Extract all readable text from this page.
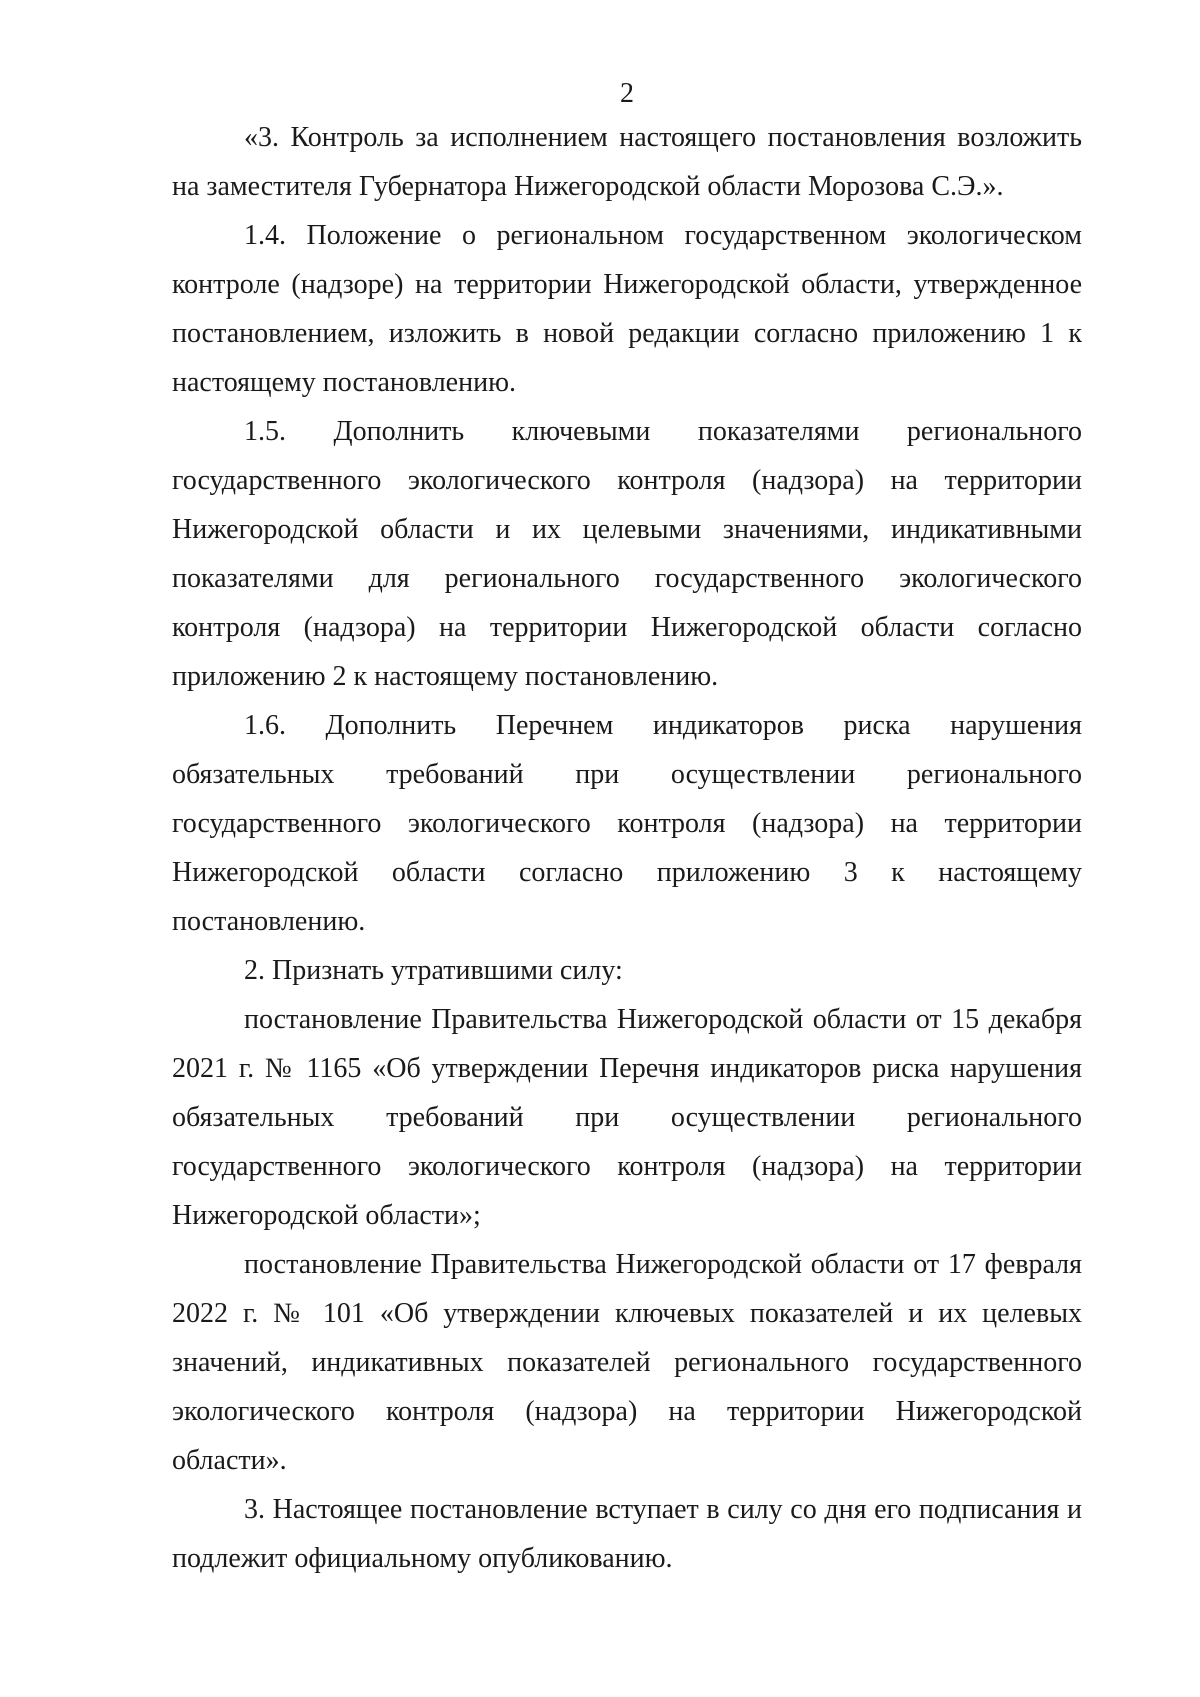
2

«3. Контроль за исполнением настоящего постановления возложить на заместителя Губернатора Нижегородской области Морозова С.Э.».

1.4. Положение о региональном государственном экологическом контроле (надзоре) на территории Нижегородской области, утвержденное постановлением, изложить в новой редакции согласно приложению 1 к настоящему постановлению.

1.5. Дополнить ключевыми показателями регионального государственного экологического контроля (надзора) на территории Нижегородской области и их целевыми значениями, индикативными показателями для регионального государственного экологического контроля (надзора) на территории Нижегородской области согласно приложению 2 к настоящему постановлению.

1.6. Дополнить Перечнем индикаторов риска нарушения обязательных требований при осуществлении регионального государственного экологического контроля (надзора) на территории Нижегородской области согласно приложению 3 к настоящему постановлению.

2. Признать утратившими силу:

постановление Правительства Нижегородской области от 15 декабря 2021 г. № 1165 «Об утверждении Перечня индикаторов риска нарушения обязательных требований при осуществлении регионального государственного экологического контроля (надзора) на территории Нижегородской области»;

постановление Правительства Нижегородской области от 17 февраля 2022 г. № 101 «Об утверждении ключевых показателей и их целевых значений, индикативных показателей регионального государственного экологического контроля (надзора) на территории Нижегородской области».

3. Настоящее постановление вступает в силу со дня его подписания и подлежит официальному опубликованию.
